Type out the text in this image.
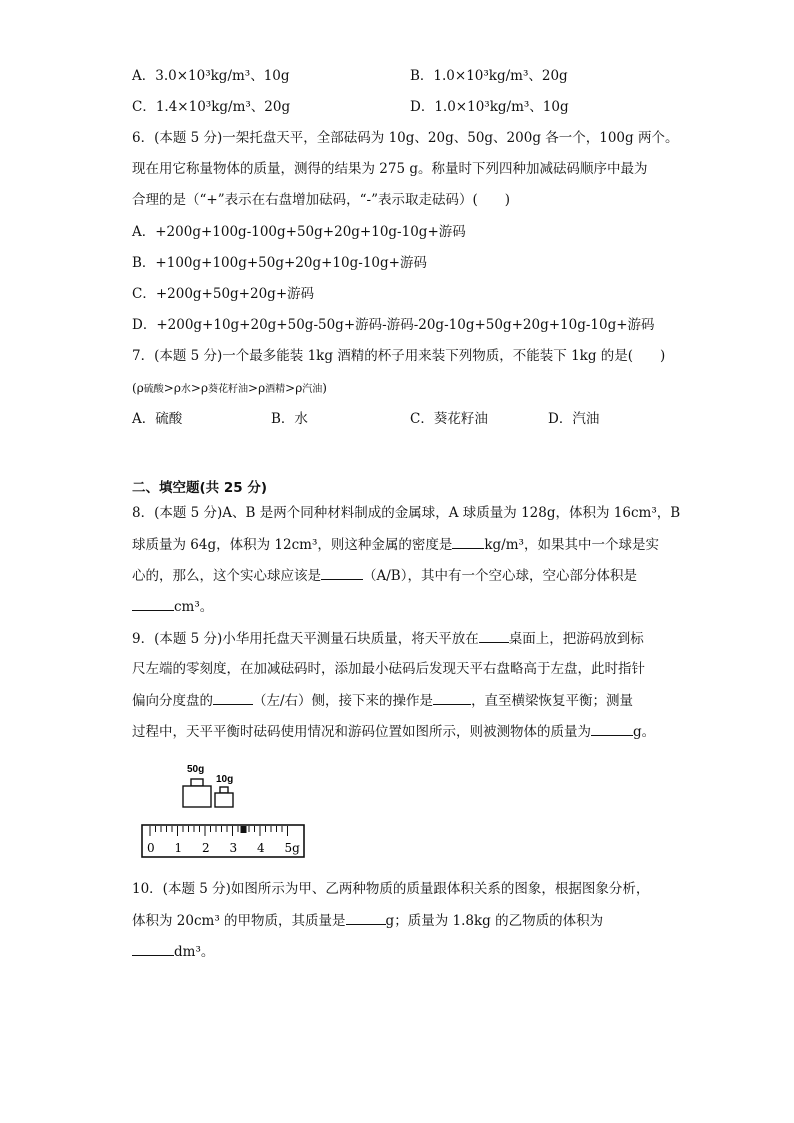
A．3.0×10³kg/m³、10g	B．1.0×10³kg/m³、20g
C．1.4×10³kg/m³、20g	D．1.0×10³kg/m³、10g
6．(本题 5 分)一架托盘天平，全部砝码为 10g、20g、50g、200g 各一个，100g 两个。
现在用它称量物体的质量，测得的结果为 275 g。称量时下列四种加减砝码顺序中最为
合理的是（“+”表示在右盘增加砝码，“-”表示取走砝码）(　　)
A．+200g+100g-100g+50g+20g+10g-10g+游码
B．+100g+100g+50g+20g+10g-10g+游码
C．+200g+50g+20g+游码
D．+200g+10g+20g+50g-50g+游码-游码-20g-10g+50g+20g+10g-10g+游码
7．(本题 5 分)一个最多能装 1kg 酒精的杯子用来装下列物质，不能装下 1kg 的是(　　)
(ρ硫酸>ρ水>ρ葵花籽油>ρ酒精>ρ汽油)
A．硫酸	B．水	C．葵花籽油	D．汽油
二、填空题(共 25 分)
8．(本题 5 分)A、B 是两个同种材料制成的金属球，A 球质量为 128g，体积为 16cm³，B
球质量为 64g，体积为 12cm³，则这种金属的密度是 kg/m³，如果其中一个球是实
心的，那么，这个实心球应该是	（A/B），其中有一个空心球，空心部分体积是
cm³。
9．(本题 5 分)小华用托盘天平测量石块质量，将天平放在 桌面上，把游码放到标
尺左端的零刻度，在加减砝码时，添加最小砝码后发现天平右盘略高于左盘，此时指针
偏向分度盘的	（左/右）侧，接下来的操作是	，直至横梁恢复平衡；测量
过程中，天平平衡时砝码使用情况和游码位置如图所示，则被测物体的质量为	g。
50g
10g
0 1 2 3 4 5g
10．(本题 5 分)如图所示为甲、乙两种物质的质量跟体积关系的图象，根据图象分析，
体积为 20cm³ 的甲物质，其质量是	g；质量为 1.8kg 的乙物质的体积为
dm³。
